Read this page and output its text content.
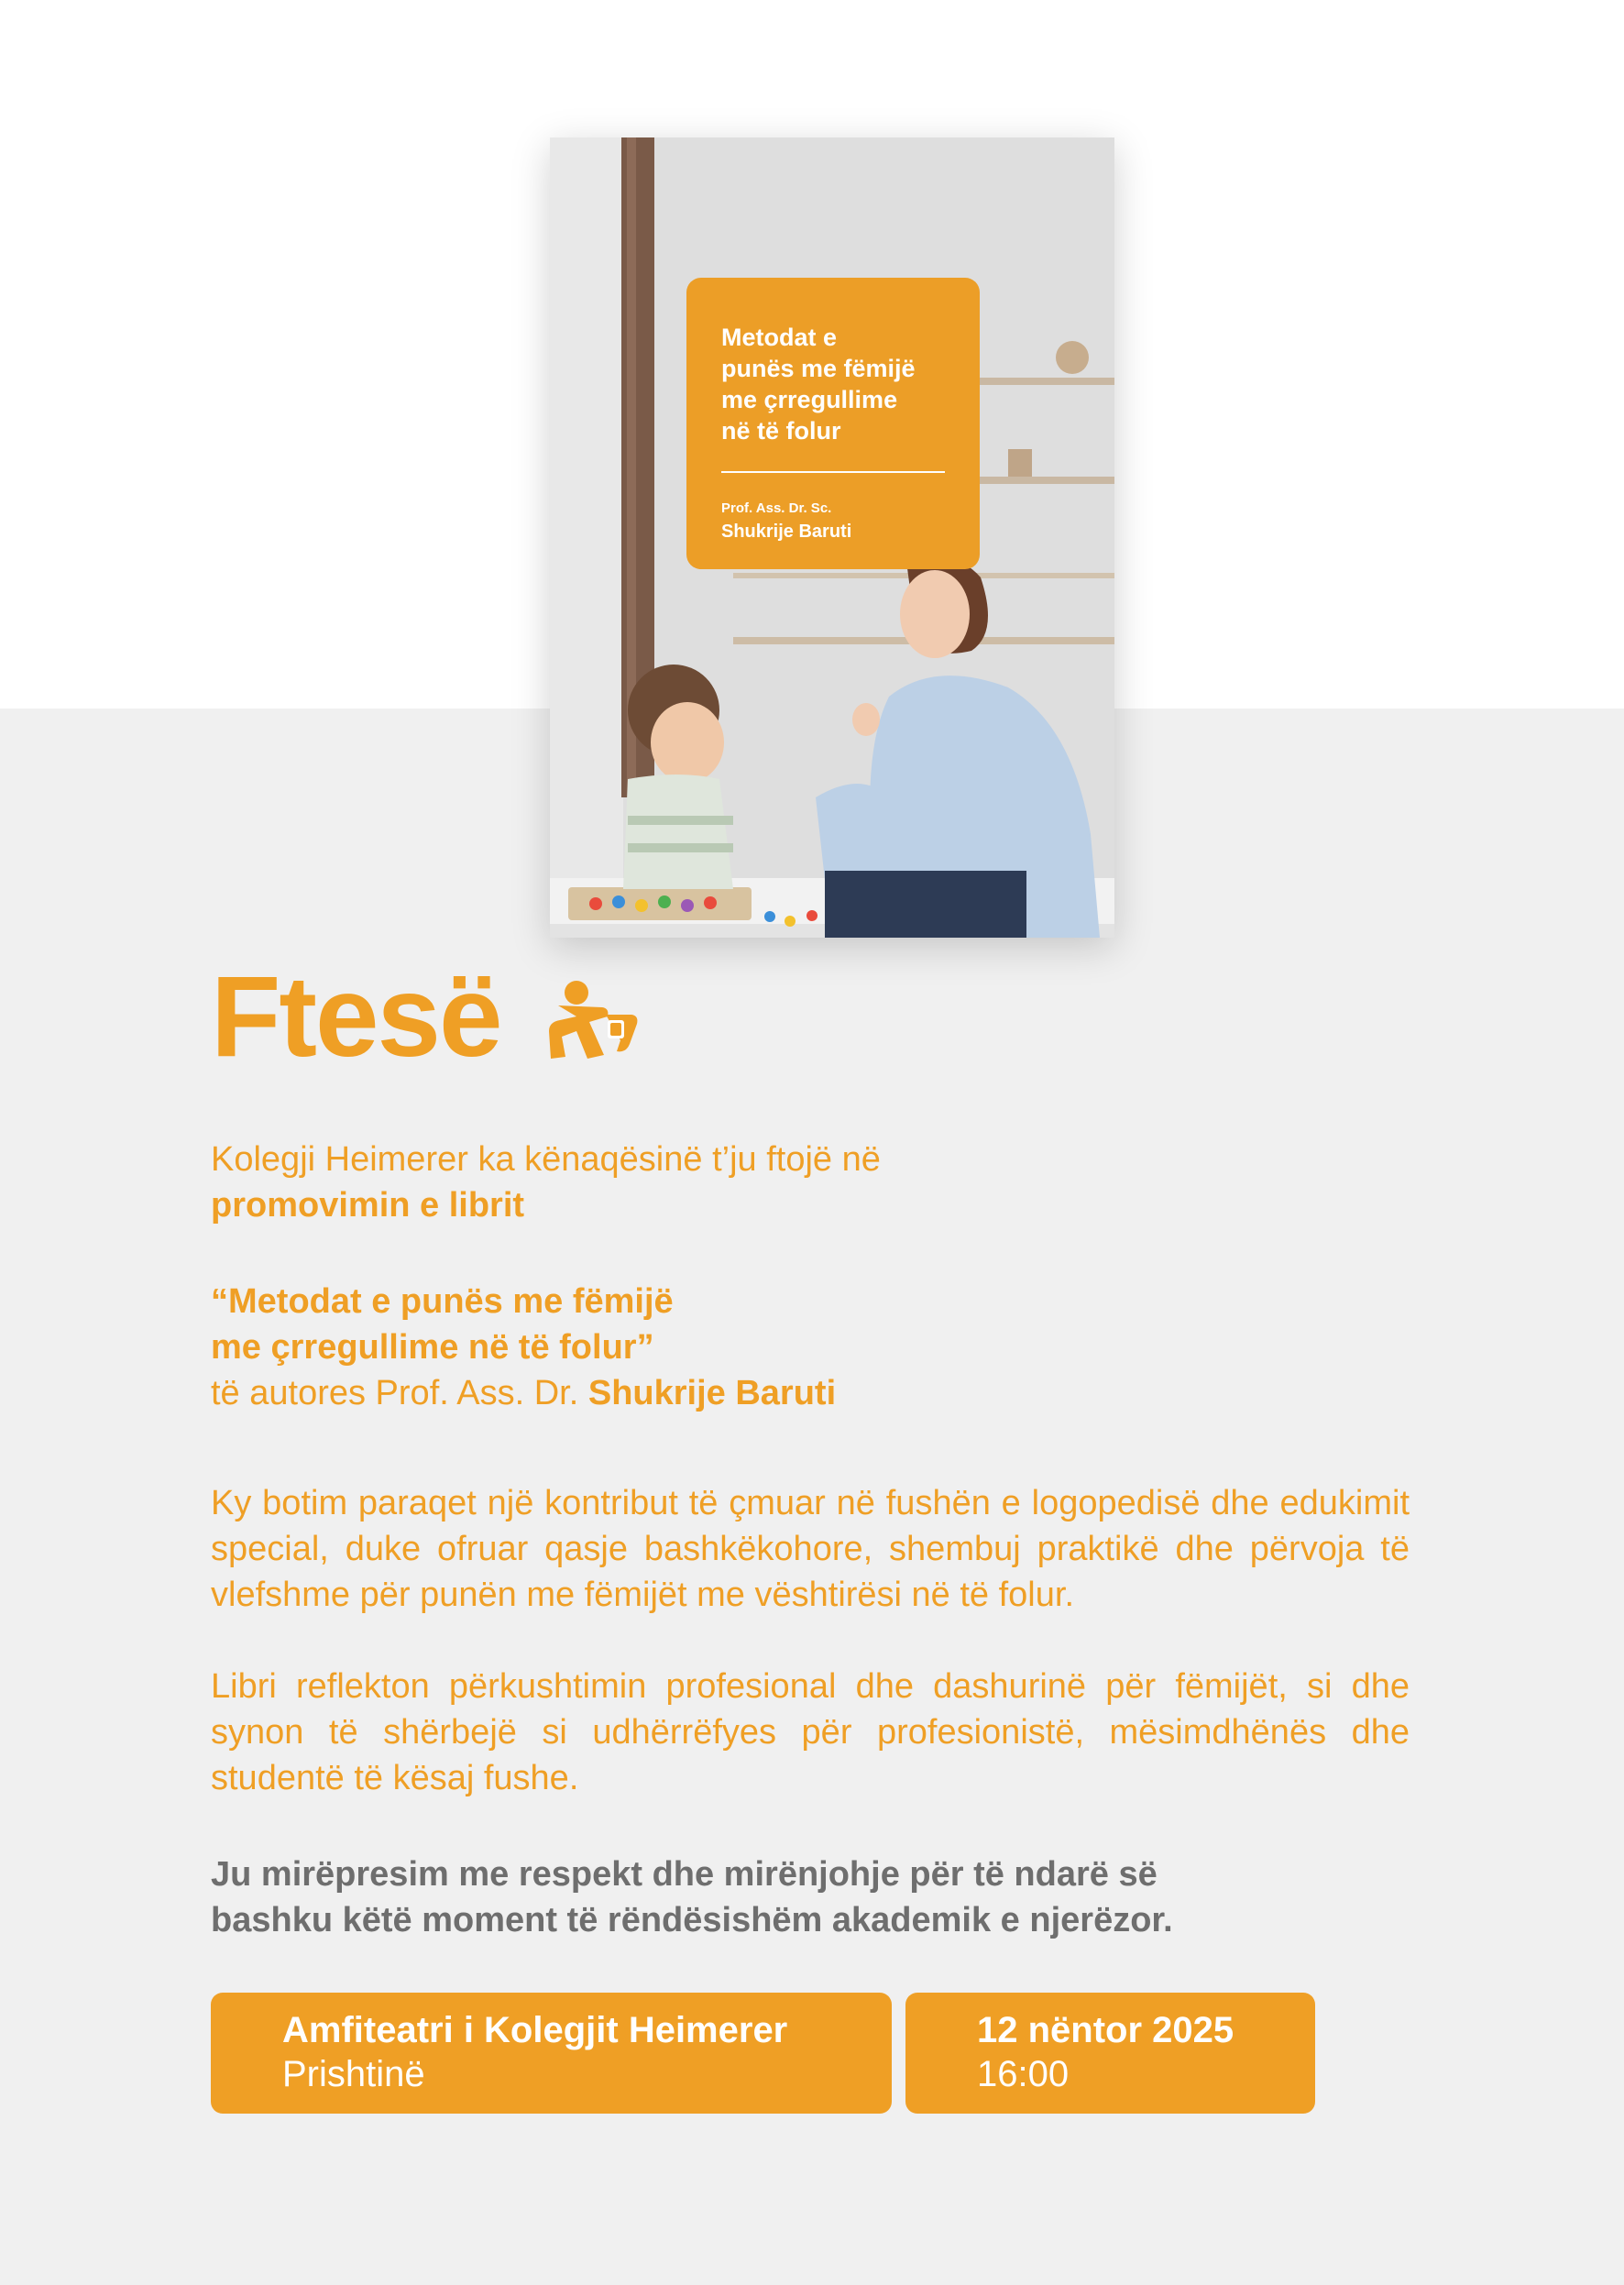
Metodat e
punës me fëmijë
me çrregullime
në të folur
Prof. Ass. Dr. Sc.
Shukrije Baruti
Ftesë
Kolegji Heimerer ka kënaqësinë t’ju ftojë në
promovimin e librit
“Metodat e punës me fëmijë
me çrregullime në të folur”
të autores Prof. Ass. Dr. Shukrije Baruti
Ky botim paraqet një kontribut të çmuar në fushën e logopedisë dhe edukimit special, duke ofruar qasje bashkëkohore, shembuj praktikë dhe përvoja të vlefshme për punën me fëmijët me vështirësi në të folur.
Libri reflekton përkushtimin profesional dhe dashurinë për fëmijët, si dhe synon të shërbejë si udhërrëfyes për profesionistë, mësimdhënës dhe studentë të kësaj fushe.
Ju mirëpresim me respekt dhe mirënjohje për të ndarë së
bashku këtë moment të rëndësishëm akademik e njerëzor.
Amfiteatri i Kolegjit Heimerer
Prishtinë
12 nëntor 2025
16:00
